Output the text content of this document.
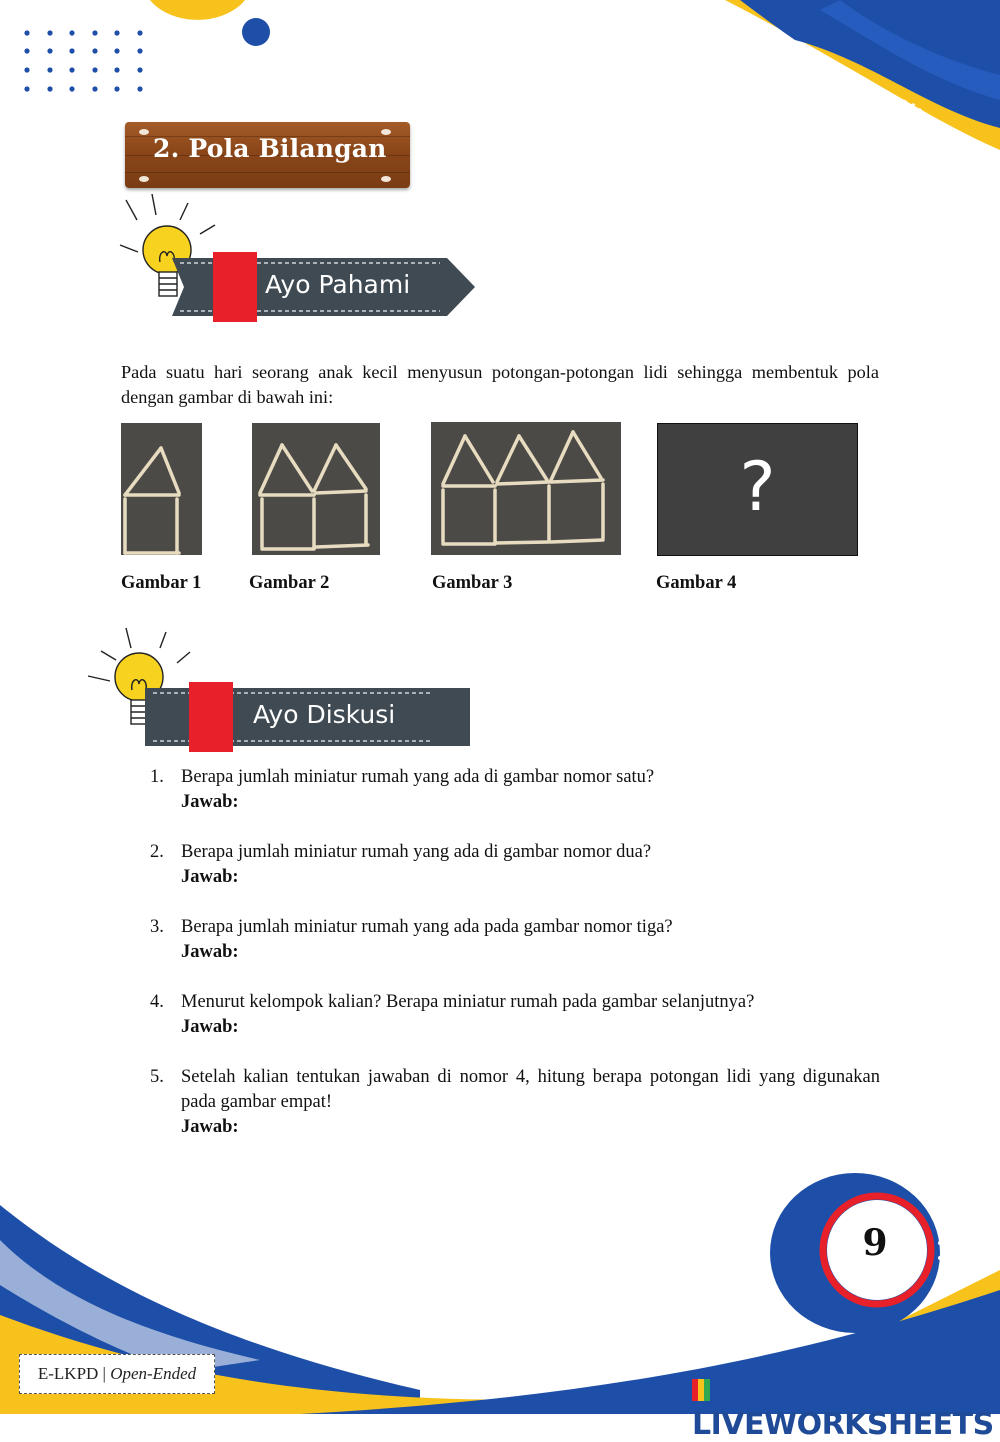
2. Pola Bilangan
Ayo Pahami
Pada suatu hari seorang anak kecil menyusun potongan-potongan lidi sehingga membentuk pola dengan gambar di bawah ini:
?
Gambar 1	Gambar 2	Gambar 3	Gambar 4
Ayo Diskusi
1. Berapa jumlah miniatur rumah yang ada di gambar nomor satu?
Jawab:
2. Berapa jumlah miniatur rumah yang ada di gambar nomor dua?
Jawab:
3. Berapa jumlah miniatur rumah yang ada pada gambar nomor tiga?
Jawab:
4. Menurut kelompok kalian? Berapa miniatur rumah pada gambar selanjutnya?
Jawab:
5. Setelah kalian tentukan jawaban di nomor 4, hitung berapa potongan lidi yang digunakan pada gambar empat!
Jawab:
9
E-LKPD | Open-Ended
LIVEWORKSHEETS
